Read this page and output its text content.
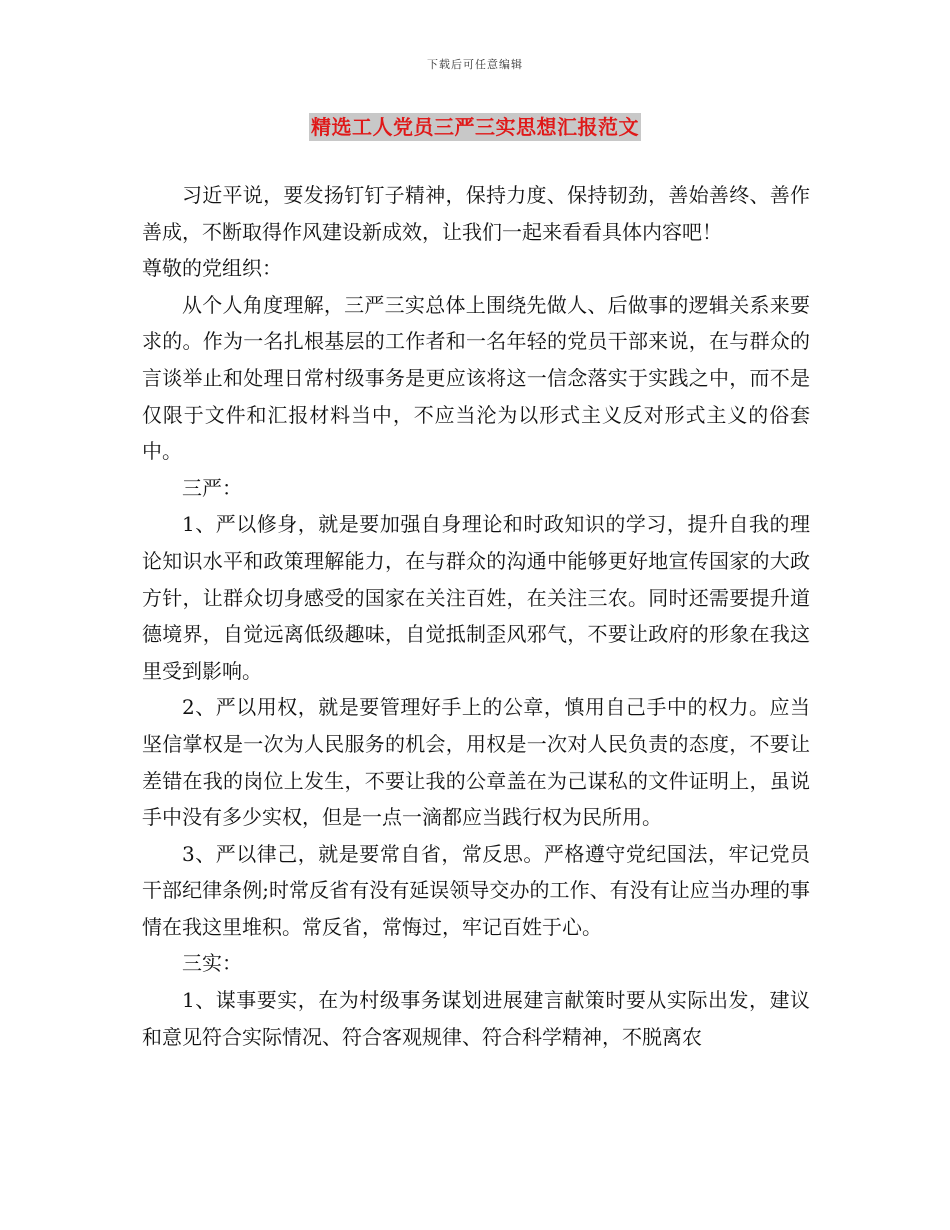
下载后可任意编辑
精选工人党员三严三实思想汇报范文

习近平说，要发扬钉钉子精神，保持力度、保持韧劲，善始善终、善作善成，不断取得作风建设新成效，让我们一起来看看具体内容吧！

尊敬的党组织：

从个人角度理解，三严三实总体上围绕先做人、后做事的逻辑关系来要求的。作为一名扎根基层的工作者和一名年轻的党员干部来说，在与群众的言谈举止和处理日常村级事务是更应该将这一信念落实于实践之中，而不是仅限于文件和汇报材料当中，不应当沦为以形式主义反对形式主义的俗套中。

三严：

1、严以修身，就是要加强自身理论和时政知识的学习，提升自我的理论知识水平和政策理解能力，在与群众的沟通中能够更好地宣传国家的大政方针，让群众切身感受的国家在关注百姓，在关注三农。同时还需要提升道德境界，自觉远离低级趣味，自觉抵制歪风邪气，不要让政府的形象在我这里受到影响。

2、严以用权，就是要管理好手上的公章，慎用自己手中的权力。应当坚信掌权是一次为人民服务的机会，用权是一次对人民负责的态度，不要让差错在我的岗位上发生，不要让我的公章盖在为己谋私的文件证明上，虽说手中没有多少实权，但是一点一滴都应当践行权为民所用。

3、严以律己，就是要常自省，常反思。严格遵守党纪国法，牢记党员干部纪律条例;时常反省有没有延误领导交办的工作、有没有让应当办理的事情在我这里堆积。常反省，常悔过，牢记百姓于心。

三实：

1、谋事要实，在为村级事务谋划进展建言献策时要从实际出发，建议和意见符合实际情况、符合客观规律、符合科学精神，不脱离农
